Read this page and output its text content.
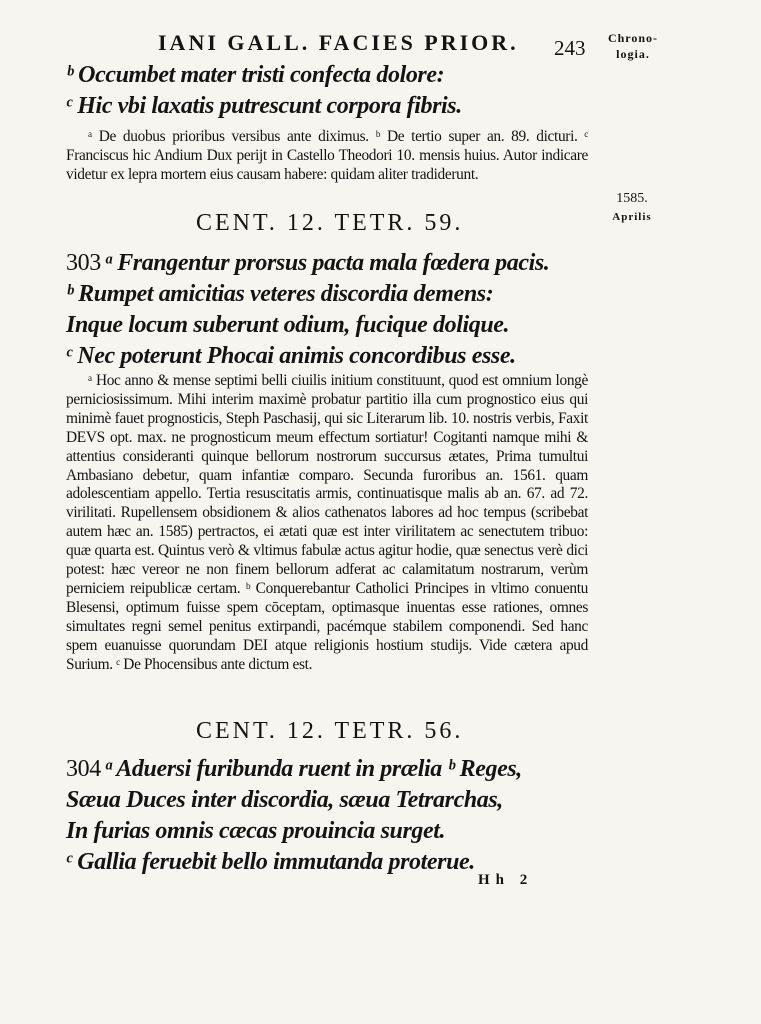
IANI GALL. FACIES PRIOR.	243	Chrono-logia.
1585.
Aprilis
ᵇ Occumbet mater tristi confecta dolore:
ᶜ Hic vbi laxatis putrescunt corpora fibris.

ᵃ De duobus prioribus versibus ante diximus. ᵇ De tertio super an. 89. dicturi. ᶜ Franciscus hic Andium Dux perijt in Castello Theodori 10. mensis huius. Autor indicare videtur ex lepra mortem eius causam habere: quidam aliter tradiderunt.

CENT. 12. TETR. 59.
303 ᵃ Frangentur prorsus pacta mala fœdera pacis.
ᵇ Rumpet amicitias veteres discordia demens:
Inque locum suberunt odium, fucique dolique.
ᶜ Nec poterunt Phocai animis concordibus esse.

ᵃ Hoc anno & mense septimi belli ciuilis initium constituunt, quod est omnium longè perniciosissimum. Mihi interim maximè probatur partitio illa cum prognostico eius qui minimè fauet prognosticis, Steph Paschasij, qui sic Literarum lib. 10. nostris verbis, Faxit DEVS opt. max. ne prognosticum meum effectum sortiatur! Cogitanti namque mihi & attentius consideranti quinque bellorum nostrorum succursus ætates, Prima tumultui Ambasiano debetur, quam infantiæ comparo. Secunda furoribus an. 1561. quam adolescentiam appello. Tertia resuscitatis armis, continuatisque malis ab an. 67. ad 72. virilitati. Rupellensem obsidionem & alios cathenatos labores ad hoc tempus (scribebat autem hæc an. 1585) pertractos, ei ætati quæ est inter virilitatem ac senectutem tribuo: quæ quarta est. Quintus verò & vltimus fabulæ actus agitur hodie, quæ senectus verè dici potest: hæc vereor ne non finem bellorum adferat ac calamitatum nostrarum, verùm perniciem reipublicæ certam. ᵇ Conquerebantur Catholici Principes in vltimo conuentu Blesensi, optimum fuisse spem cōceptam, optimasque inuentas esse rationes, omnes simultates regni semel penitus extirpandi, pacémque stabilem componendi. Sed hanc spem euanuisse quorundam DEI atque religionis hostium studijs. Vide cætera apud Surium. ᶜ De Phocensibus ante dictum est.

CENT. 12. TETR. 56.
304 ᵃ Aduersi furibunda ruent in prælia ᵇ Reges,
Sæua Duces inter discordia, sæua Tetrarchas,
In furias omnis cæcas prouincia surget.
ᶜ Gallia feruebit bello immutanda proterue.
Hh 2
